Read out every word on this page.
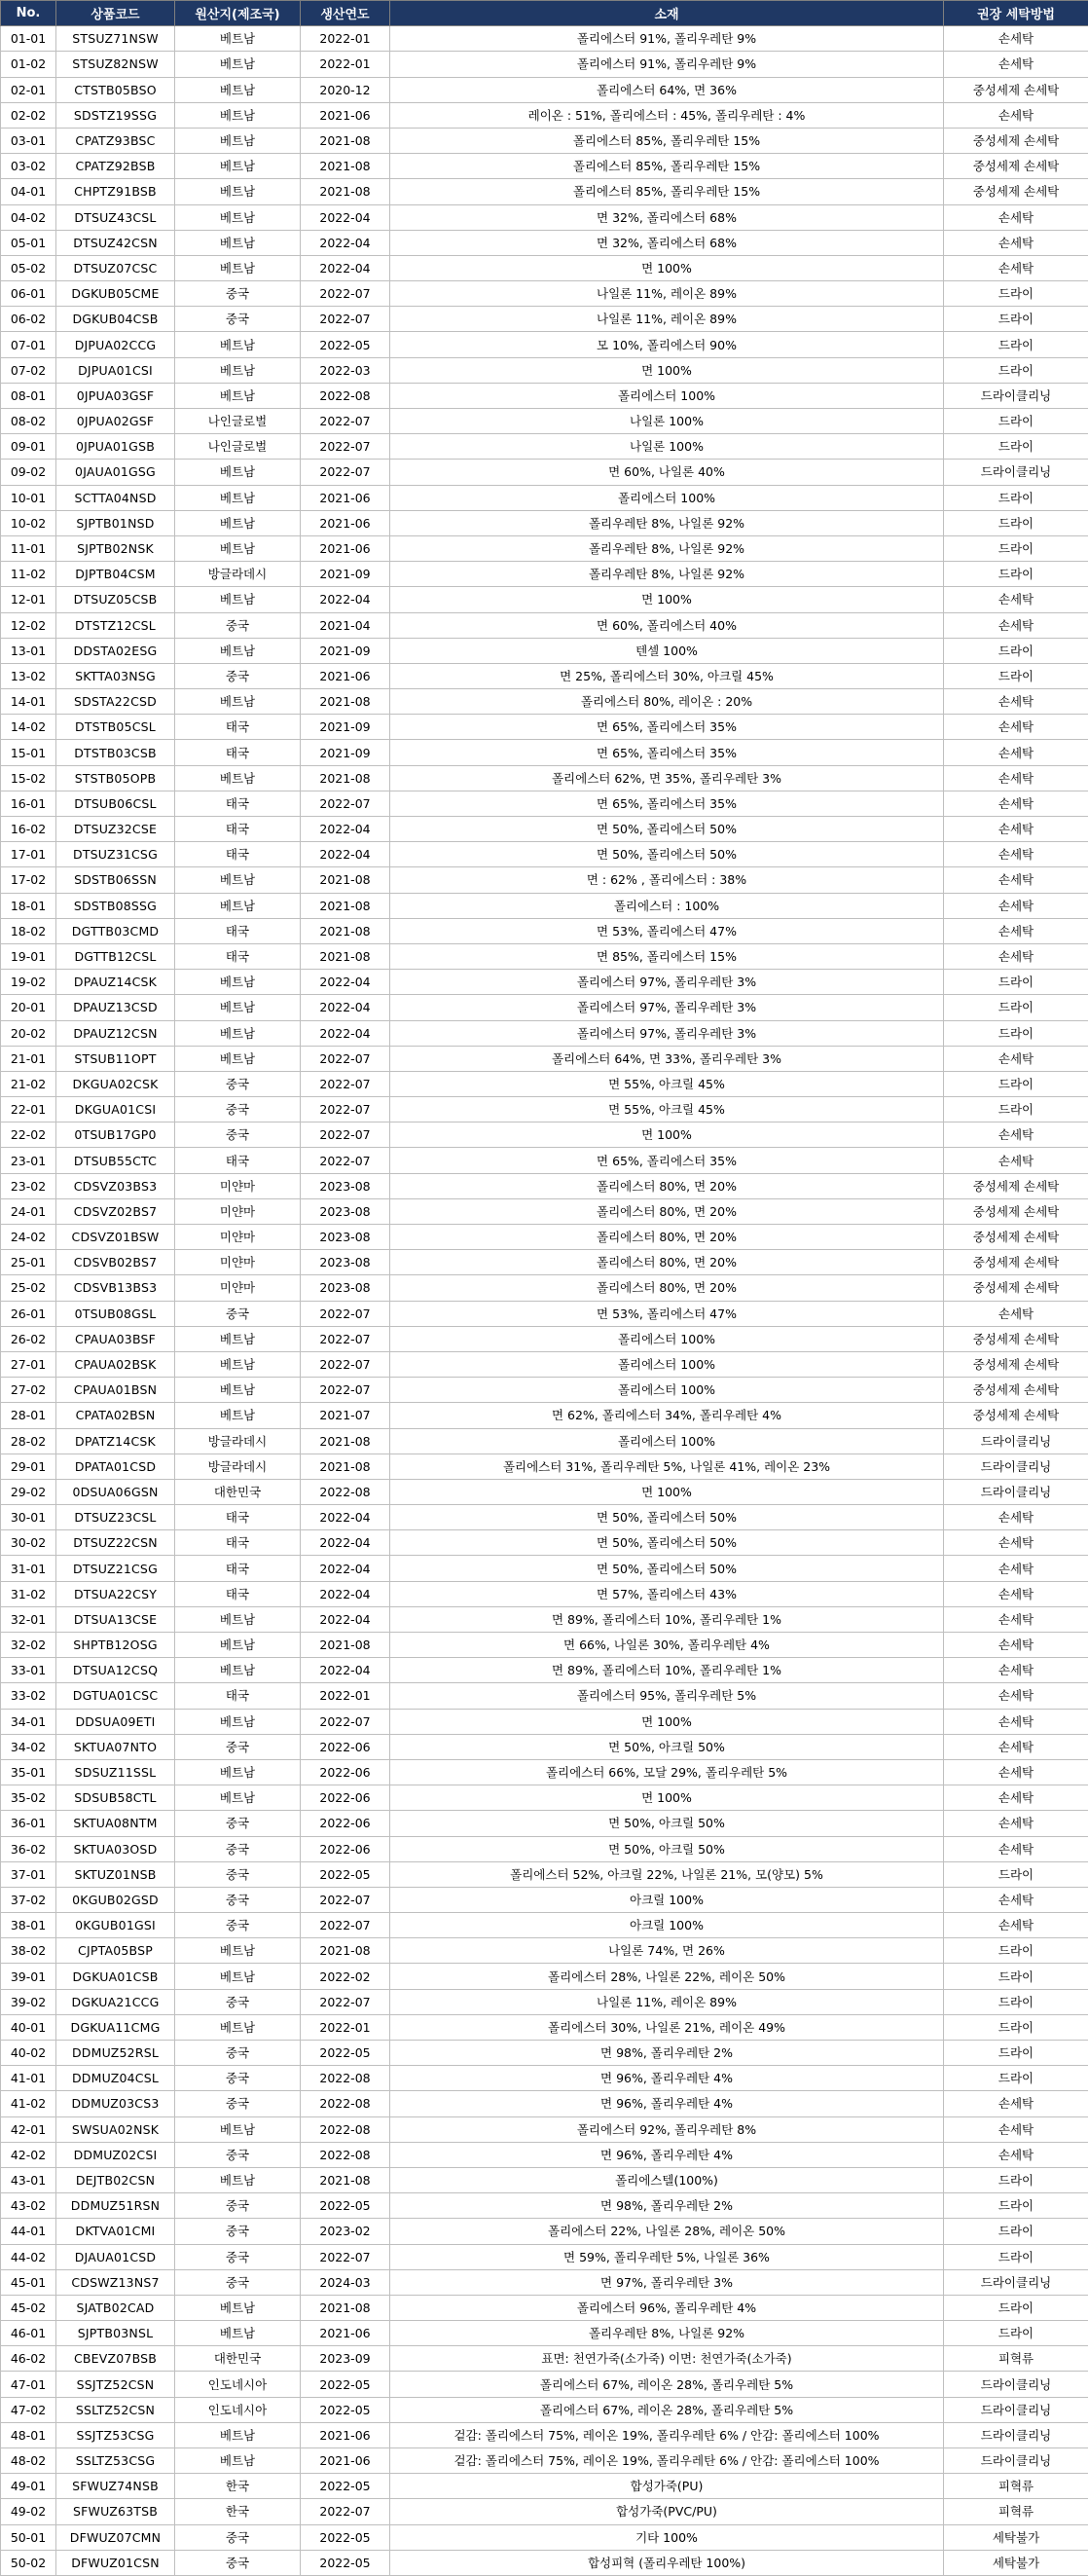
No.	상품코드	원산지(제조국)	생산연도	소재	권장 세탁방법
01-01	STSUZ71NSW	베트남	2022-01	폴리에스터 91%, 폴리우레탄 9%	손세탁
01-02	STSUZ82NSW	베트남	2022-01	폴리에스터 91%, 폴리우레탄 9%	손세탁
02-01	CTSTB05BSO	베트남	2020-12	폴리에스터 64%, 면 36%	중성세제 손세탁
02-02	SDSTZ19SSG	베트남	2021-06	레이온 : 51%, 폴리에스터 : 45%, 폴리우레탄 : 4%	손세탁
03-01	CPATZ93BSC	베트남	2021-08	폴리에스터 85%, 폴리우레탄 15%	중성세제 손세탁
03-02	CPATZ92BSB	베트남	2021-08	폴리에스터 85%, 폴리우레탄 15%	중성세제 손세탁
04-01	CHPTZ91BSB	베트남	2021-08	폴리에스터 85%, 폴리우레탄 15%	중성세제 손세탁
04-02	DTSUZ43CSL	베트남	2022-04	면 32%, 폴리에스터 68%	손세탁
05-01	DTSUZ42CSN	베트남	2022-04	면 32%, 폴리에스터 68%	손세탁
05-02	DTSUZ07CSC	베트남	2022-04	면 100%	손세탁
06-01	DGKUB05CME	중국	2022-07	나일론 11%, 레이온 89%	드라이
06-02	DGKUB04CSB	중국	2022-07	나일론 11%, 레이온 89%	드라이
07-01	DJPUA02CCG	베트남	2022-05	모 10%, 폴리에스터 90%	드라이
07-02	DJPUA01CSI	베트남	2022-03	면 100%	드라이
08-01	0JPUA03GSF	베트남	2022-08	폴리에스터 100%	드라이클리닝
08-02	0JPUA02GSF	나인글로벌	2022-07	나일론 100%	드라이
09-01	0JPUA01GSB	나인글로벌	2022-07	나일론 100%	드라이
09-02	0JAUA01GSG	베트남	2022-07	면 60%, 나일론 40%	드라이클리닝
10-01	SCTTA04NSD	베트남	2021-06	폴리에스터 100%	드라이
10-02	SJPTB01NSD	베트남	2021-06	폴리우레탄 8%, 나일론 92%	드라이
11-01	SJPTB02NSK	베트남	2021-06	폴리우레탄 8%, 나일론 92%	드라이
11-02	DJPTB04CSM	방글라데시	2021-09	폴리우레탄 8%, 나일론 92%	드라이
12-01	DTSUZ05CSB	베트남	2022-04	면 100%	손세탁
12-02	DTSTZ12CSL	중국	2021-04	면 60%, 폴리에스터 40%	손세탁
13-01	DDSTA02ESG	베트남	2021-09	텐셀 100%	드라이
13-02	SKTTA03NSG	중국	2021-06	면 25%, 폴리에스터 30%, 아크릴 45%	드라이
14-01	SDSTA22CSD	베트남	2021-08	폴리에스터 80%, 레이온 : 20%	손세탁
14-02	DTSTB05CSL	태국	2021-09	면 65%, 폴리에스터 35%	손세탁
15-01	DTSTB03CSB	태국	2021-09	면 65%, 폴리에스터 35%	손세탁
15-02	STSTB05OPB	베트남	2021-08	폴리에스터 62%, 면 35%, 폴리우레탄 3%	손세탁
16-01	DTSUB06CSL	태국	2022-07	면 65%, 폴리에스터 35%	손세탁
16-02	DTSUZ32CSE	태국	2022-04	면 50%, 폴리에스터 50%	손세탁
17-01	DTSUZ31CSG	태국	2022-04	면 50%, 폴리에스터 50%	손세탁
17-02	SDSTB06SSN	베트남	2021-08	면 : 62% , 폴리에스터 : 38%	손세탁
18-01	SDSTB08SSG	베트남	2021-08	폴리에스터 : 100%	손세탁
18-02	DGTTB03CMD	태국	2021-08	면 53%, 폴리에스터 47%	손세탁
19-01	DGTTB12CSL	태국	2021-08	면 85%, 폴리에스터 15%	손세탁
19-02	DPAUZ14CSK	베트남	2022-04	폴리에스터 97%, 폴리우레탄 3%	드라이
20-01	DPAUZ13CSD	베트남	2022-04	폴리에스터 97%, 폴리우레탄 3%	드라이
20-02	DPAUZ12CSN	베트남	2022-04	폴리에스터 97%, 폴리우레탄 3%	드라이
21-01	STSUB11OPT	베트남	2022-07	폴리에스터 64%, 면 33%, 폴리우레탄 3%	손세탁
21-02	DKGUA02CSK	중국	2022-07	면 55%, 아크릴 45%	드라이
22-01	DKGUA01CSI	중국	2022-07	면 55%, 아크릴 45%	드라이
22-02	0TSUB17GP0	중국	2022-07	면 100%	손세탁
23-01	DTSUB55CTC	태국	2022-07	면 65%, 폴리에스터 35%	손세탁
23-02	CDSVZ03BS3	미얀마	2023-08	폴리에스터 80%, 면 20%	중성세제 손세탁
24-01	CDSVZ02BS7	미얀마	2023-08	폴리에스터 80%, 면 20%	중성세제 손세탁
24-02	CDSVZ01BSW	미얀마	2023-08	폴리에스터 80%, 면 20%	중성세제 손세탁
25-01	CDSVB02BS7	미얀마	2023-08	폴리에스터 80%, 면 20%	중성세제 손세탁
25-02	CDSVB13BS3	미얀마	2023-08	폴리에스터 80%, 면 20%	중성세제 손세탁
26-01	0TSUB08GSL	중국	2022-07	면 53%, 폴리에스터 47%	손세탁
26-02	CPAUA03BSF	베트남	2022-07	폴리에스터 100%	중성세제 손세탁
27-01	CPAUA02BSK	베트남	2022-07	폴리에스터 100%	중성세제 손세탁
27-02	CPAUA01BSN	베트남	2022-07	폴리에스터 100%	중성세제 손세탁
28-01	CPATA02BSN	베트남	2021-07	면 62%, 폴리에스터 34%, 폴리우레탄 4%	중성세제 손세탁
28-02	DPATZ14CSK	방글라데시	2021-08	폴리에스터 100%	드라이클리닝
29-01	DPATA01CSD	방글라데시	2021-08	폴리에스터 31%, 폴리우레탄 5%, 나일론 41%, 레이온 23%	드라이클리닝
29-02	0DSUA06GSN	대한민국	2022-08	면 100%	드라이클리닝
30-01	DTSUZ23CSL	태국	2022-04	면 50%, 폴리에스터 50%	손세탁
30-02	DTSUZ22CSN	태국	2022-04	면 50%, 폴리에스터 50%	손세탁
31-01	DTSUZ21CSG	태국	2022-04	면 50%, 폴리에스터 50%	손세탁
31-02	DTSUA22CSY	태국	2022-04	면 57%, 폴리에스터 43%	손세탁
32-01	DTSUA13CSE	베트남	2022-04	면 89%, 폴리에스터 10%, 폴리우레탄 1%	손세탁
32-02	SHPTB12OSG	베트남	2021-08	면 66%, 나일론 30%, 폴리우레탄 4%	손세탁
33-01	DTSUA12CSQ	베트남	2022-04	면 89%, 폴리에스터 10%, 폴리우레탄 1%	손세탁
33-02	DGTUA01CSC	태국	2022-01	폴리에스터 95%, 폴리우레탄 5%	손세탁
34-01	DDSUA09ETI	베트남	2022-07	면 100%	손세탁
34-02	SKTUA07NTO	중국	2022-06	면 50%, 아크릴 50%	손세탁
35-01	SDSUZ11SSL	베트남	2022-06	폴리에스터 66%, 모달 29%, 폴리우레탄 5%	손세탁
35-02	SDSUB58CTL	베트남	2022-06	면 100%	손세탁
36-01	SKTUA08NTM	중국	2022-06	면 50%, 아크릴 50%	손세탁
36-02	SKTUA03OSD	중국	2022-06	면 50%, 아크릴 50%	손세탁
37-01	SKTUZ01NSB	중국	2022-05	폴리에스터 52%, 아크릴 22%, 나일론 21%, 모(양모) 5%	드라이
37-02	0KGUB02GSD	중국	2022-07	아크릴 100%	손세탁
38-01	0KGUB01GSI	중국	2022-07	아크릴 100%	손세탁
38-02	CJPTA05BSP	베트남	2021-08	나일론 74%, 면 26%	드라이
39-01	DGKUA01CSB	베트남	2022-02	폴리에스터 28%, 나일론 22%, 레이온 50%	드라이
39-02	DGKUA21CCG	중국	2022-07	나일론 11%, 레이온 89%	드라이
40-01	DGKUA11CMG	베트남	2022-01	폴리에스터 30%, 나일론 21%, 레이온 49%	드라이
40-02	DDMUZ52RSL	중국	2022-05	면 98%, 폴리우레탄 2%	드라이
41-01	DDMUZ04CSL	중국	2022-08	면 96%, 폴리우레탄 4%	드라이
41-02	DDMUZ03CS3	중국	2022-08	면 96%, 폴리우레탄 4%	손세탁
42-01	SWSUA02NSK	베트남	2022-08	폴리에스터 92%, 폴리우레탄 8%	손세탁
42-02	DDMUZ02CSI	중국	2022-08	면 96%, 폴리우레탄 4%	손세탁
43-01	DEJTB02CSN	베트남	2021-08	폴리에스텔(100%)	드라이
43-02	DDMUZ51RSN	중국	2022-05	면 98%, 폴리우레탄 2%	드라이
44-01	DKTVA01CMI	중국	2023-02	폴리에스터 22%, 나일론 28%, 레이온 50%	드라이
44-02	DJAUA01CSD	중국	2022-07	면 59%, 폴리우레탄 5%, 나일론 36%	드라이
45-01	CDSWZ13NS7	중국	2024-03	면 97%, 폴리우레탄 3%	드라이클리닝
45-02	SJATB02CAD	베트남	2021-08	폴리에스터 96%, 폴리우레탄 4%	드라이
46-01	SJPTB03NSL	베트남	2021-06	폴리우레탄 8%, 나일론 92%	드라이
46-02	CBEVZ07BSB	대한민국	2023-09	표면: 천연가죽(소가죽) 이면: 천연가죽(소가죽)	피혁류
47-01	SSJTZ52CSN	인도네시아	2022-05	폴리에스터 67%, 레이온 28%, 폴리우레탄 5%	드라이클리닝
47-02	SSLTZ52CSN	인도네시아	2022-05	폴리에스터 67%, 레이온 28%, 폴리우레탄 5%	드라이클리닝
48-01	SSJTZ53CSG	베트남	2021-06	겉감: 폴리에스터 75%, 레이온 19%, 폴리우레탄 6% / 안감: 폴리에스터 100%	드라이클리닝
48-02	SSLTZ53CSG	베트남	2021-06	겉감: 폴리에스터 75%, 레이온 19%, 폴리우레탄 6% / 안감: 폴리에스터 100%	드라이클리닝
49-01	SFWUZ74NSB	한국	2022-05	합성가죽(PU)	피혁류
49-02	SFWUZ63TSB	한국	2022-07	합성가죽(PVC/PU)	피혁류
50-01	DFWUZ07CMN	중국	2022-05	기타 100%	세탁불가
50-02	DFWUZ01CSN	중국	2022-05	합성피혁 (폴리우레탄 100%)	세탁불가
